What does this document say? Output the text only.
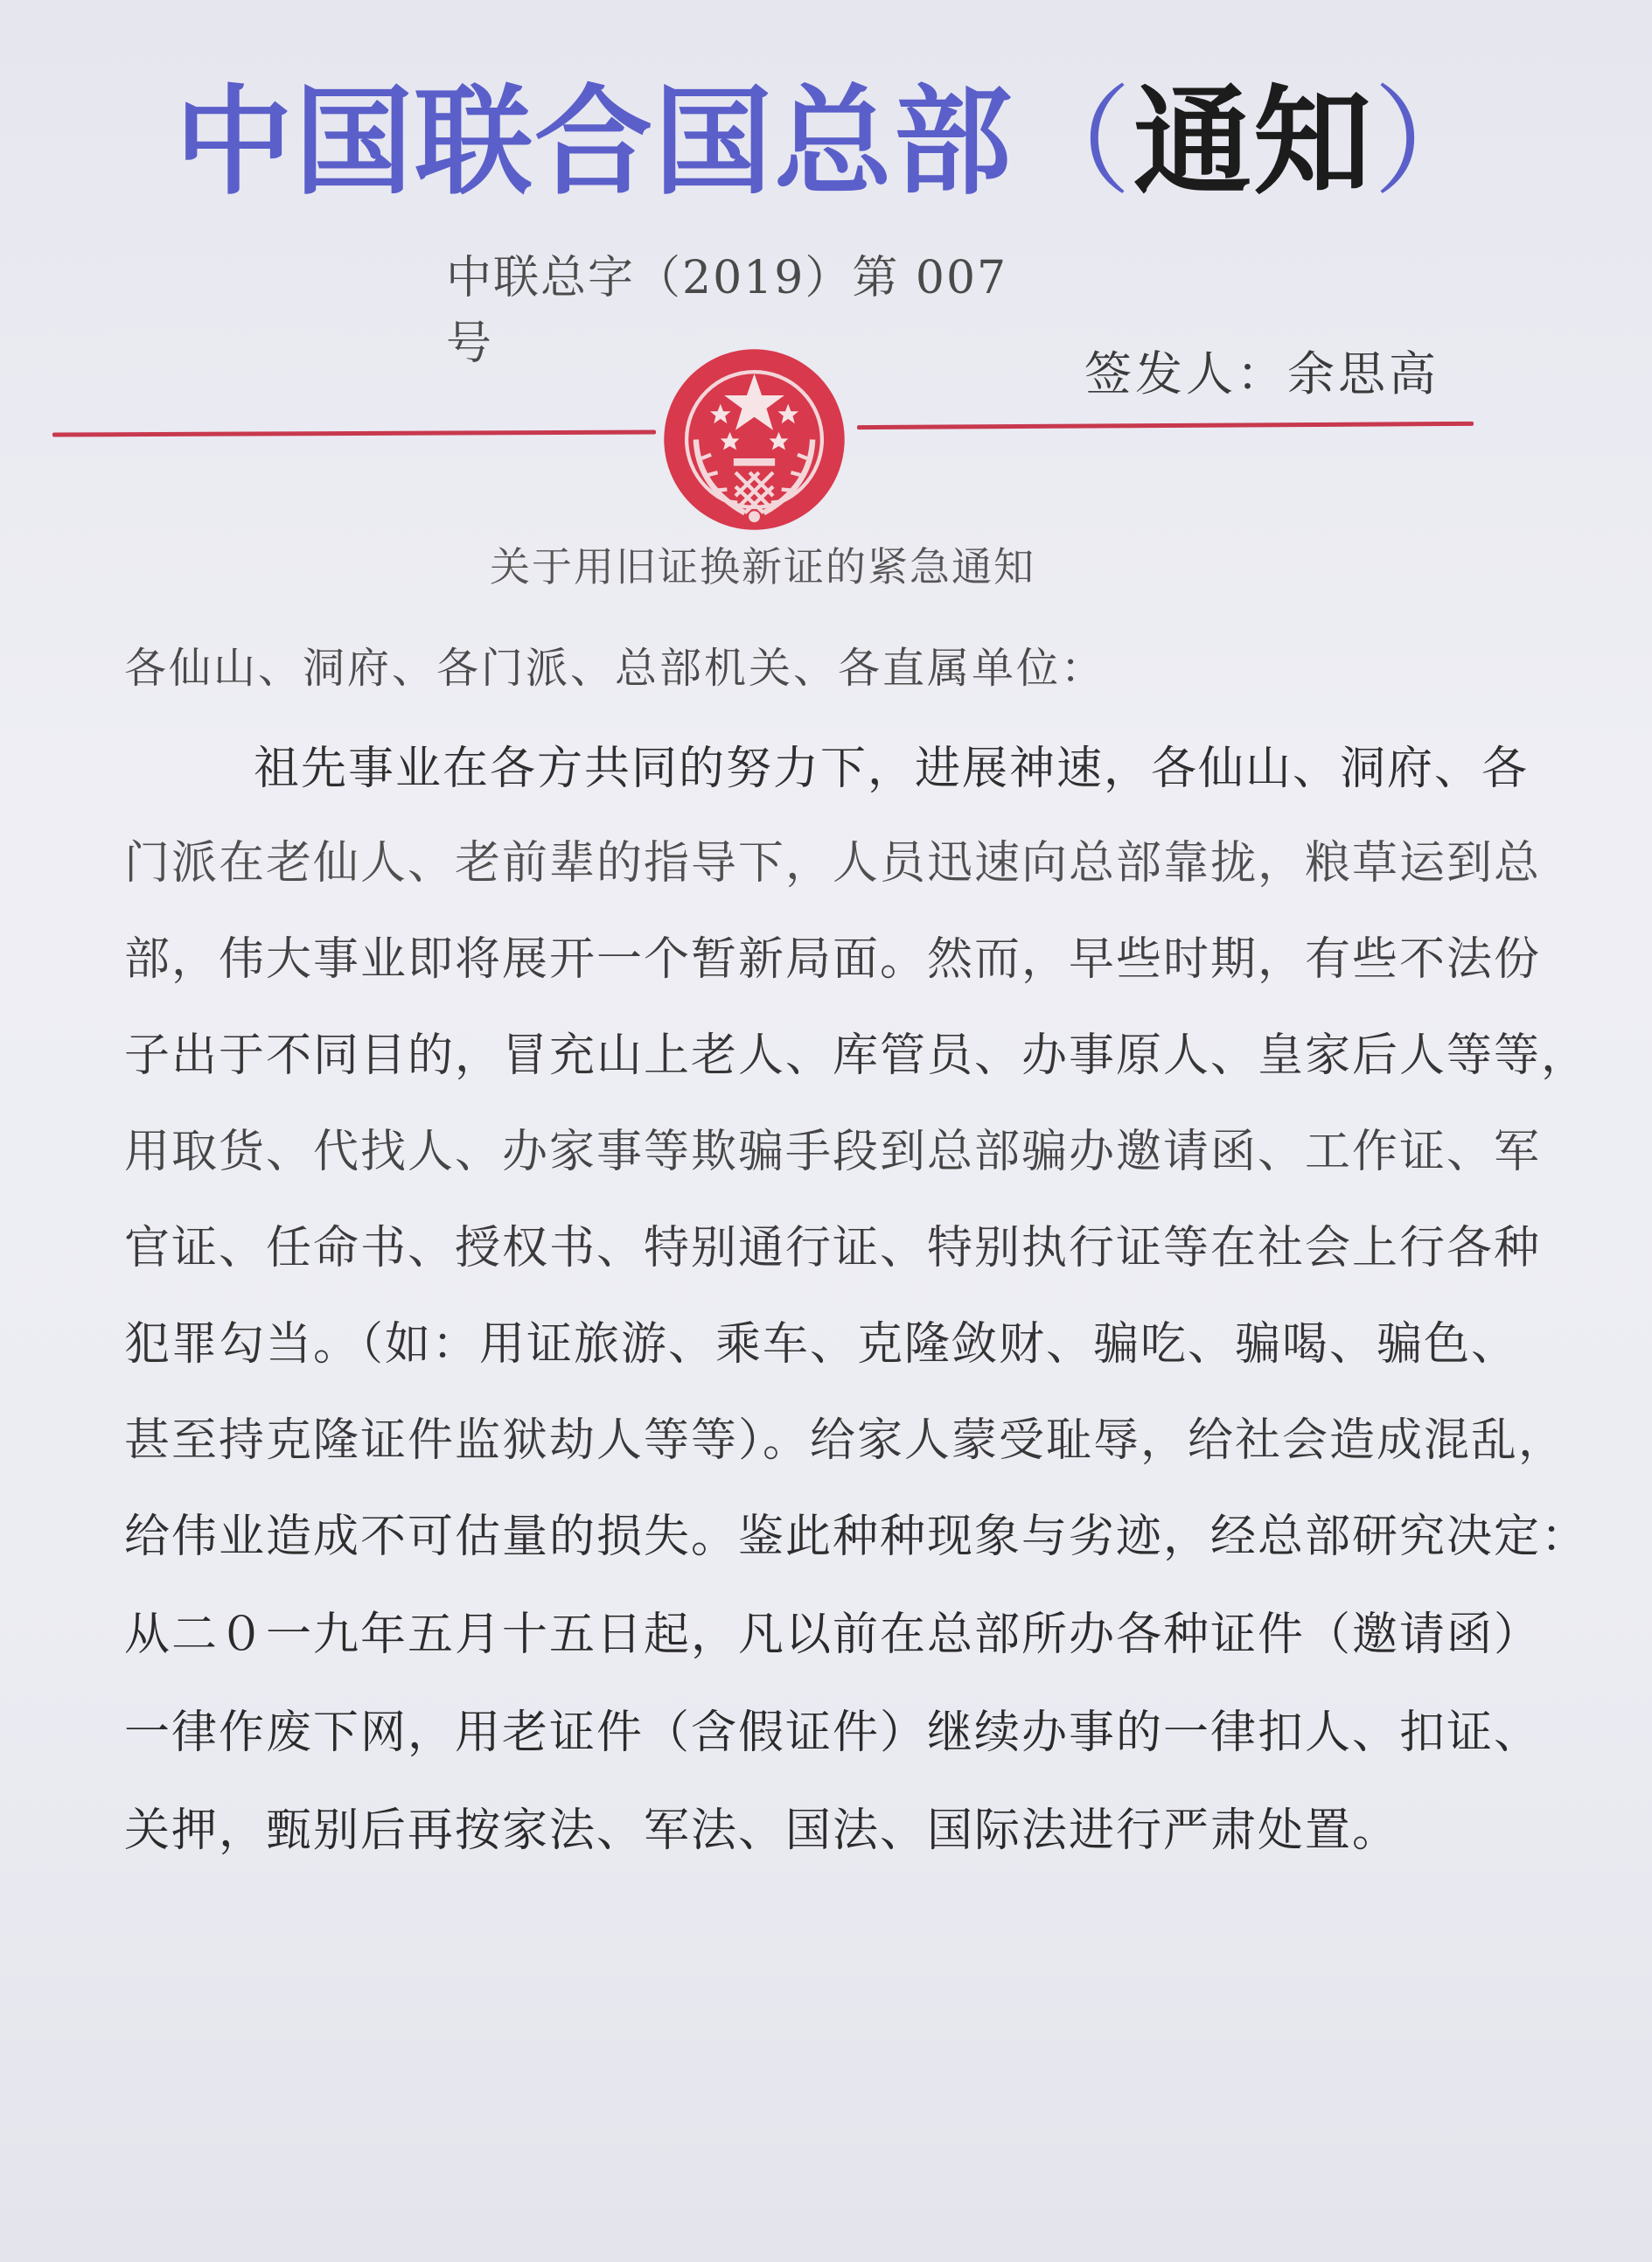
中国联合国总部（通知）
中联总字（2019）第 007 号
签发人：余思高
关于用旧证换新证的紧急通知
各仙山、洞府、各门派、总部机关、各直属单位：
祖先事业在各方共同的努力下，进展神速，各仙山、洞府、各
门派在老仙人、老前辈的指导下，人员迅速向总部靠拢，粮草运到总
部，伟大事业即将展开一个暂新局面。然而，早些时期，有些不法份
子出于不同目的，冒充山上老人、库管员、办事原人、皇家后人等等，
用取货、代找人、办家事等欺骗手段到总部骗办邀请函、工作证、军
官证、任命书、授权书、特别通行证、特别执行证等在社会上行各种
犯罪勾当。（如：用证旅游、乘车、克隆敛财、骗吃、骗喝、骗色、
甚至持克隆证件监狱劫人等等）。给家人蒙受耻辱，给社会造成混乱，
给伟业造成不可估量的损失。鉴此种种现象与劣迹，经总部研究决定：
从二０一九年五月十五日起，凡以前在总部所办各种证件（邀请函）
一律作废下网，用老证件（含假证件）继续办事的一律扣人、扣证、
关押，甄别后再按家法、军法、国法、国际法进行严肃处置。
